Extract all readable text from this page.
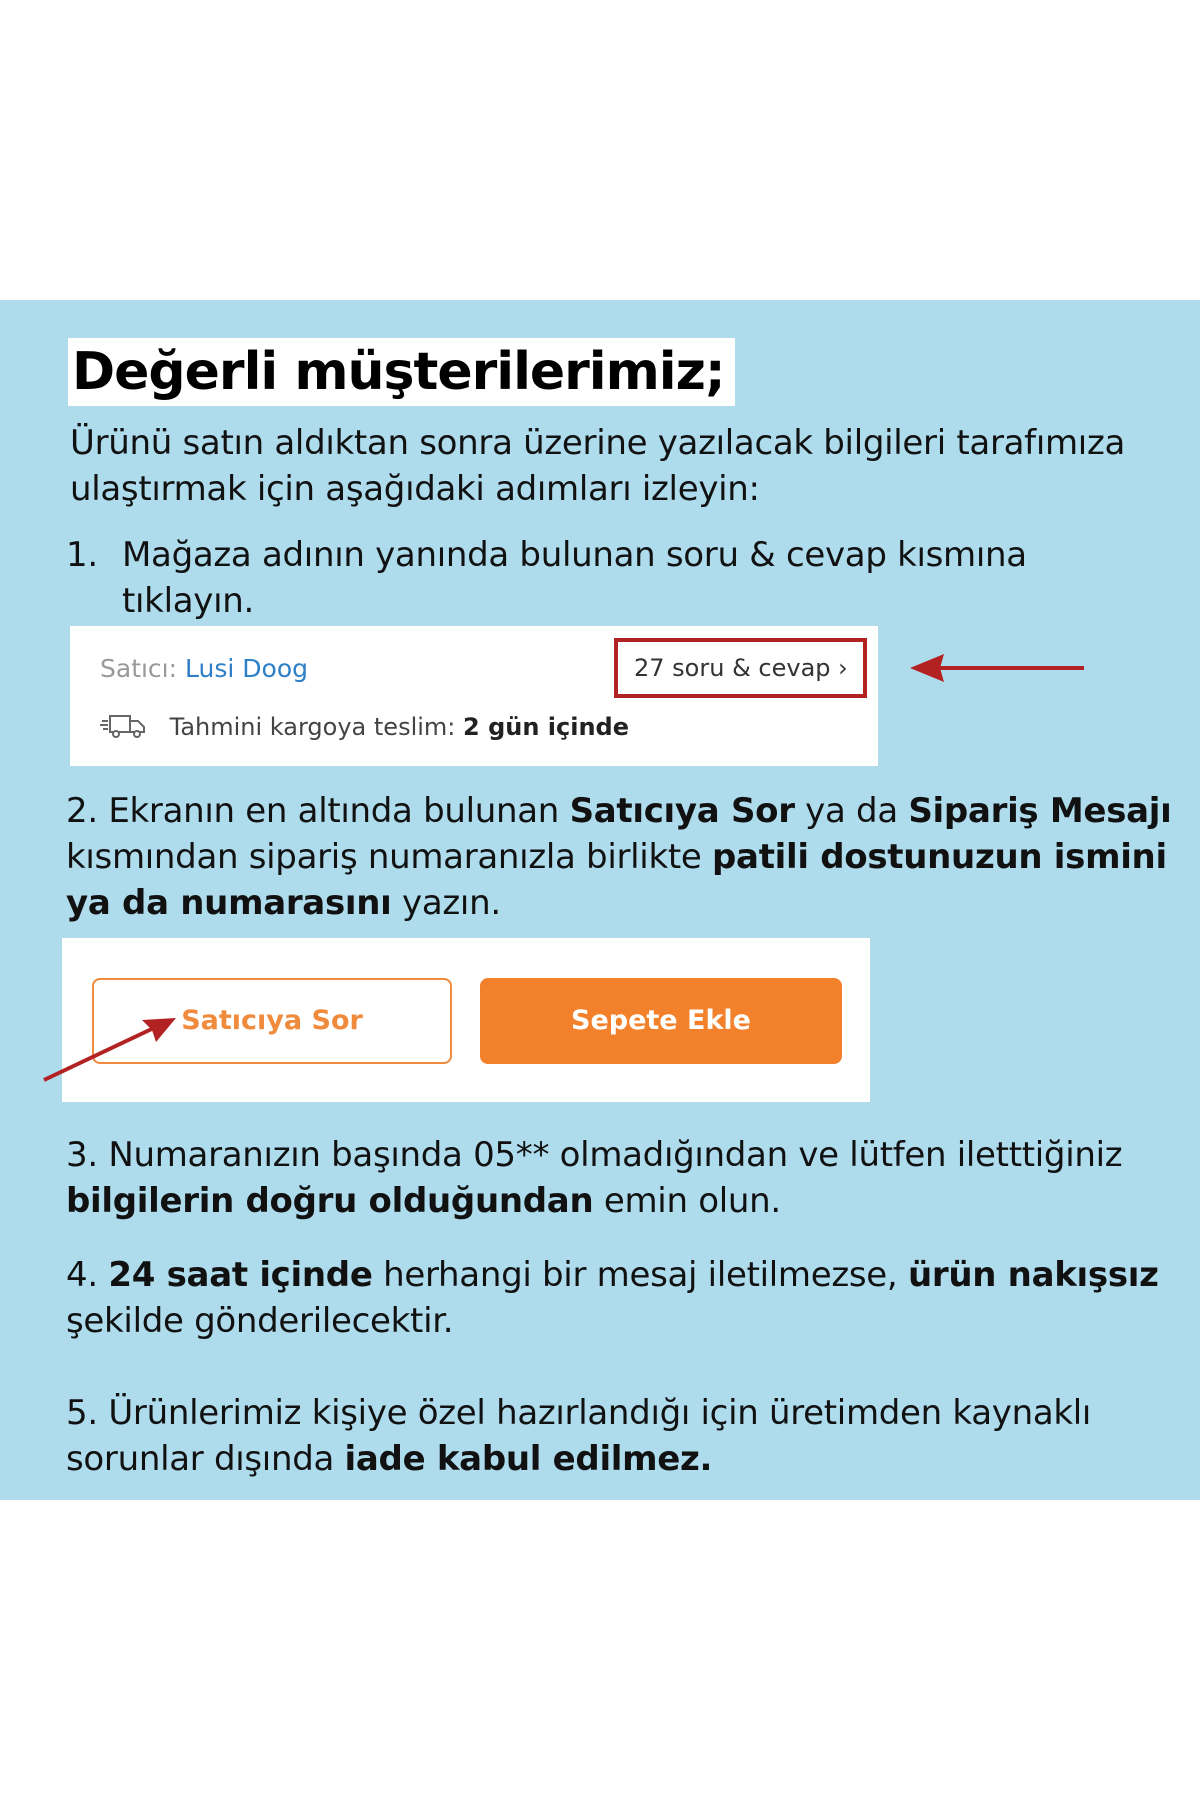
Değerli müşterilerimiz;
Ürünü satın aldıktan sonra üzerine yazılacak bilgileri tarafımıza ulaştırmak için aşağıdaki adımları izleyin:
1. Mağaza adının yanında bulunan soru & cevap kısmına tıklayın.
Satıcı: Lusi Doog	27 soru & cevap ›
Tahmini kargoya teslim: 2 gün içinde
2. Ekranın en altında bulunan Satıcıya Sor ya da Sipariş Mesajı kısmından sipariş numaranızla birlikte patili dostunuzun ismini ya da numarasını yazın.
Satıcıya Sor	Sepete Ekle
3. Numaranızın başında 05** olmadığından ve lütfen iletttiğiniz bilgilerin doğru olduğundan emin olun.
4. 24 saat içinde herhangi bir mesaj iletilmezse, ürün nakışsız şekilde gönderilecektir.
5. Ürünlerimiz kişiye özel hazırlandığı için üretimden kaynaklı sorunlar dışında iade kabul edilmez.
